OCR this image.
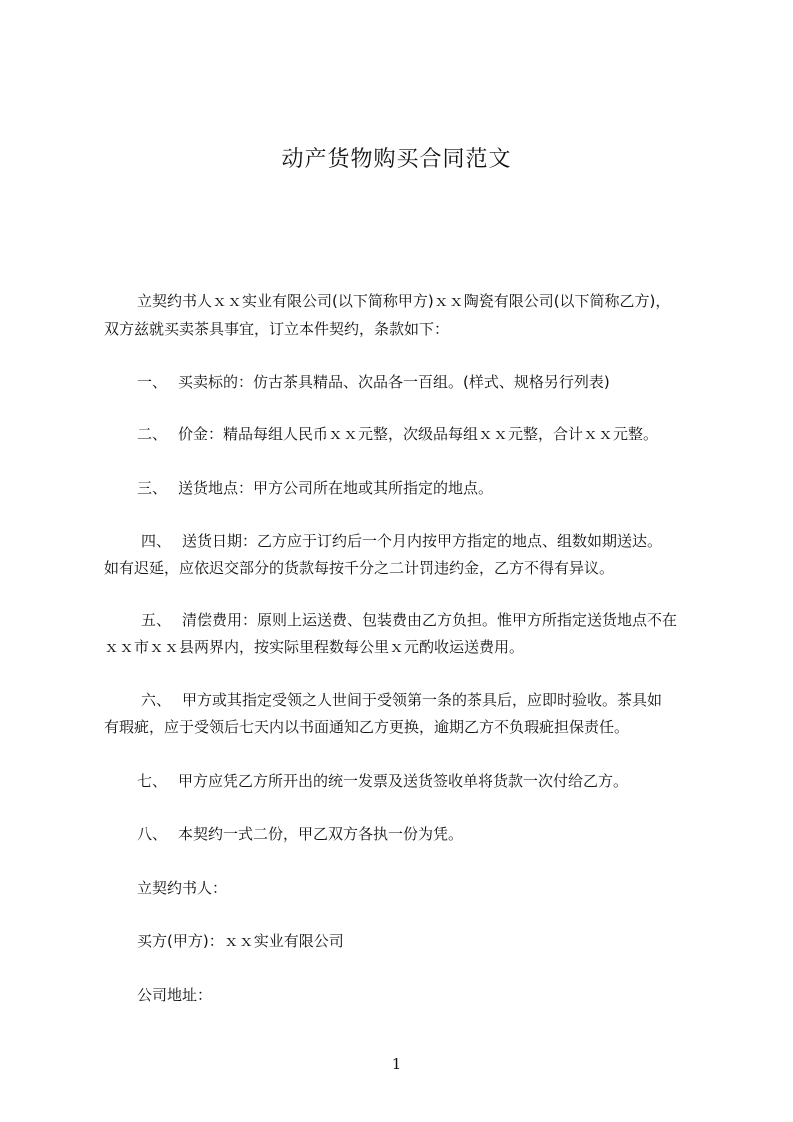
动产货物购买合同范文
立契约书人ｘｘ实业有限公司(以下简称甲方)ｘｘ陶瓷有限公司(以下简称乙方)，
双方兹就买卖茶具事宜，订立本件契约，条款如下：
一、 买卖标的：仿古茶具精品、次品各一百组。(样式、规格另行列表)
二、 价金：精品每组人民币ｘｘ元整，次级品每组ｘｘ元整，合计ｘｘ元整。
三、 送货地点：甲方公司所在地或其所指定的地点。
四、 送货日期：乙方应于订约后一个月内按甲方指定的地点、组数如期送达。
如有迟延，应依迟交部分的货款每按千分之二计罚违约金，乙方不得有异议。
五、 清偿费用：原则上运送费、包装费由乙方负担。惟甲方所指定送货地点不在
ｘｘ市ｘｘ县两界内，按实际里程数每公里ｘ元酌收运送费用。
六、 甲方或其指定受领之人世间于受领第一条的茶具后，应即时验收。茶具如
有瑕疵，应于受领后七天内以书面通知乙方更换，逾期乙方不负瑕疵担保责任。
七、 甲方应凭乙方所开出的统一发票及送货签收单将货款一次付给乙方。
八、 本契约一式二份，甲乙双方各执一份为凭。
立契约书人：
买方(甲方)：ｘｘ实业有限公司
公司地址：
1
